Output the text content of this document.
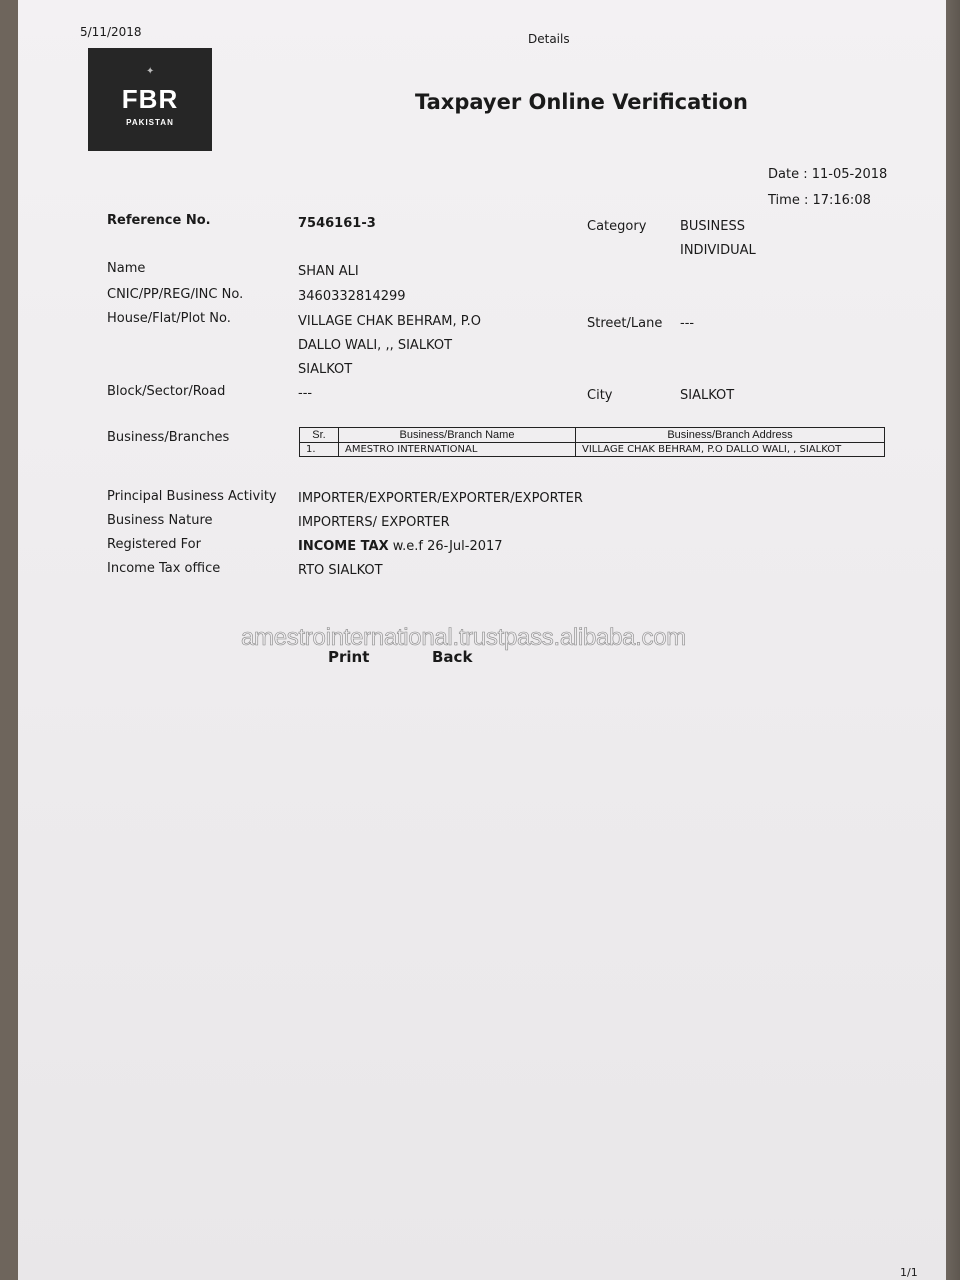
5/11/2018	Details
✦
FBR
PAKISTAN
Taxpayer Online Verification
Date : 11-05-2018
Time : 17:16:08
Reference No.	7546161-3	Category	BUSINESS
INDIVIDUAL
Name	SHAN ALI
CNIC/PP/REG/INC No.	3460332814299
House/Flat/Plot No.	VILLAGE CHAK BEHRAM, P.O
DALLO WALI, ,, SIALKOT
SIALKOT
Street/Lane ---
Block/Sector/Road	---	City	SIALKOT
Business/Branches	Sr.	Business/Branch Name	Business/Branch Address
1.	AMESTRO INTERNATIONAL	VILLAGE CHAK BEHRAM, P.O DALLO WALI, , SIALKOT
Principal Business Activity IMPORTER/EXPORTER/EXPORTER/EXPORTER
Business Nature	IMPORTERS/ EXPORTER
Registered For	INCOME TAX w.e.f 26-Jul-2017
Income Tax office	RTO SIALKOT
amestrointernational.trustpass.alibaba.com
Print	Back
1/1
